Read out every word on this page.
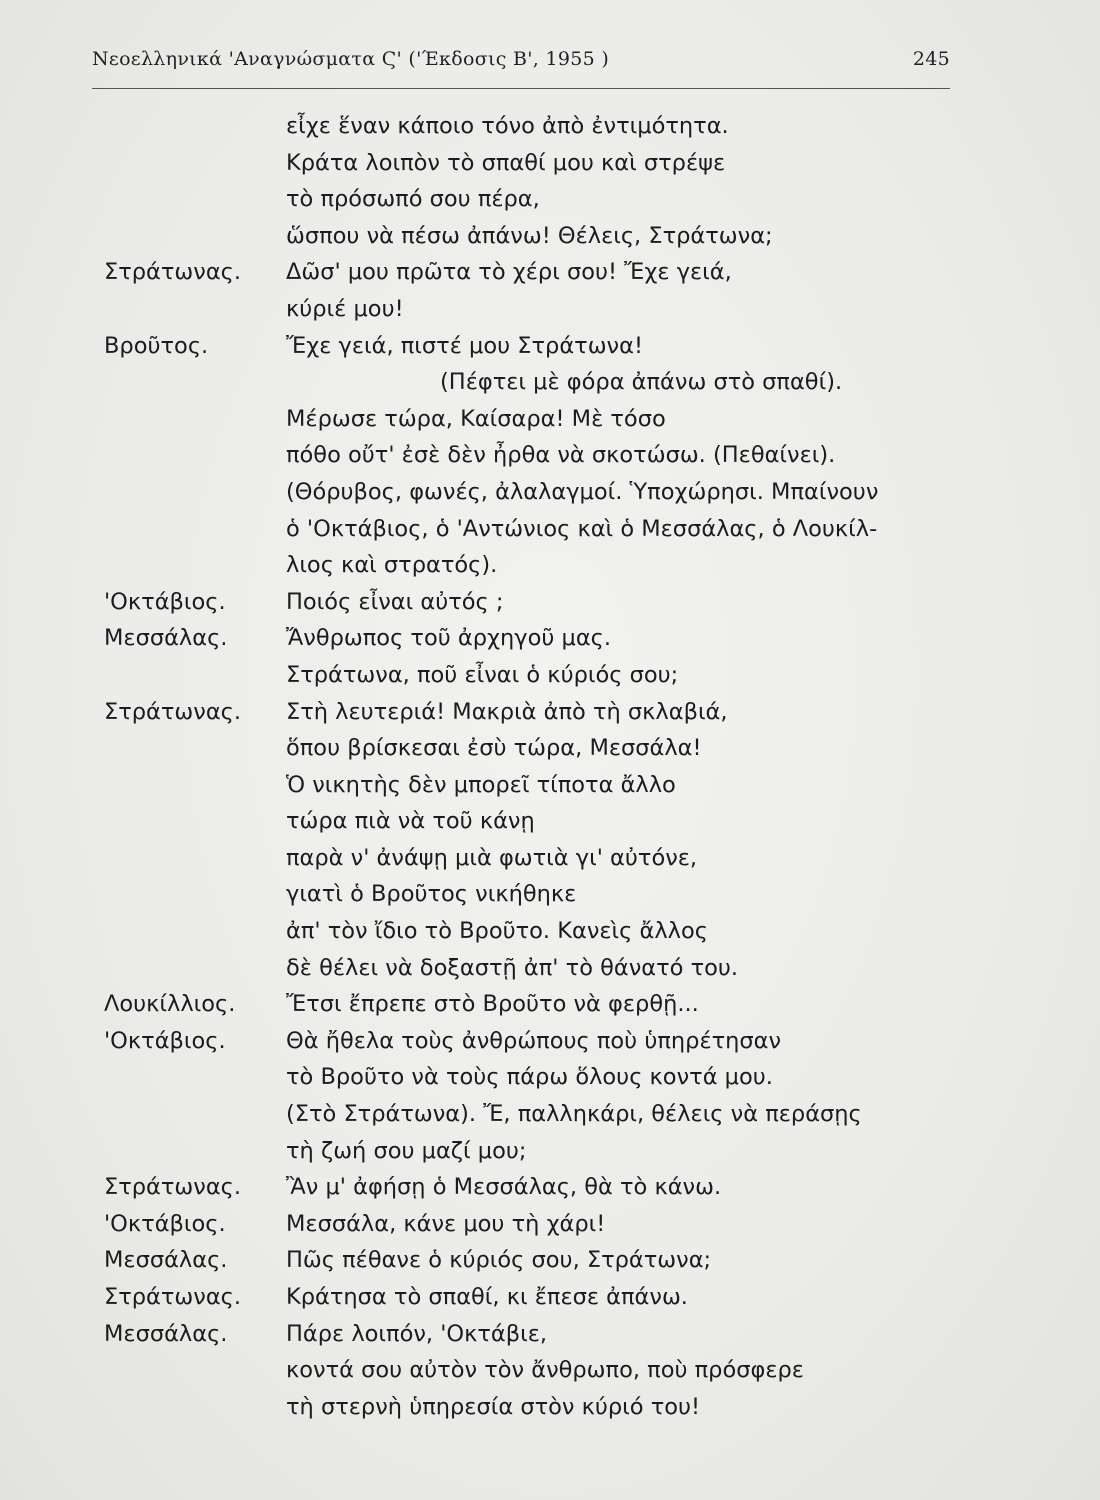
Νεοελληνικά 'Αναγνώσματα Ϛ' ('Έκδοσις Β', 1955 )	245
εἶχε ἕναν κάποιο τόνο ἀπὸ ἐντιμότητα.
Κράτα λοιπὸν τὸ σπαθί μου καὶ στρέψε
τὸ πρόσωπό σου πέρα,
ὥσπου νὰ πέσω ἀπάνω! Θέλεις, Στράτωνα;
Στράτωνας. Δῶσ' μου πρῶτα τὸ χέρι σου! Ἔχε γειά,
κύριέ μου!
Βροῦτος.	Ἔχε γειά, πιστέ μου Στράτωνα!
(Πέφτει μὲ φόρα ἀπάνω στὸ σπαθί).
Μέρωσε τώρα, Καίσαρα! Μὲ τόσο
πόθο οὔτ' ἐσὲ δὲν ἦρθα νὰ σκοτώσω. (Πεθαίνει).
(Θόρυβος, φωνές, ἀλαλαγμοί. Ὑποχώρησι. Μπαίνουν
ὁ 'Οκτάβιος, ὁ 'Αντώνιος καὶ ὁ Μεσσάλας, ὁ Λουκίλ-
λιος καὶ στρατός).
'Οκτάβιος.	Ποιός εἶναι αὐτός ;
Μεσσάλας.	Ἄνθρωπος τοῦ ἀρχηγοῦ μας.
Στράτωνα, ποῦ εἶναι ὁ κύριός σου;
Στράτωνας. Στὴ λευτεριά! Μακριὰ ἀπὸ τὴ σκλαβιά,
ὅπου βρίσκεσαι ἐσὺ τώρα, Μεσσάλα!
Ὁ νικητὴς δὲν μπορεῖ τίποτα ἄλλο
τώρα πιὰ νὰ τοῦ κάνῃ
παρὰ ν' ἀνάψῃ μιὰ φωτιὰ γι' αὐτόνε,
γιατὶ ὁ Βροῦτος νικήθηκε
ἀπ' τὸν ἴδιο τὸ Βροῦτο. Κανεὶς ἄλλος
δὲ θέλει νὰ δοξαστῇ ἀπ' τὸ θάνατό του.
Λουκίλλιος. Ἔτσι ἔπρεπε στὸ Βροῦτο νὰ φερθῇ...
'Οκτάβιος.	Θὰ ἤθελα τοὺς ἀνθρώπους ποὺ ὑπηρέτησαν
τὸ Βροῦτο νὰ τοὺς πάρω ὅλους κοντά μου.
(Στὸ Στράτωνα). Ἔ, παλληκάρι, θέλεις νὰ περάσῃς
τὴ ζωή σου μαζί μου;
Στράτωνας. Ἂν μ' ἀφήσῃ ὁ Μεσσάλας, θὰ τὸ κάνω.
'Οκτάβιος.	Μεσσάλα, κάνε μου τὴ χάρι!
Μεσσάλας.	Πῶς πέθανε ὁ κύριός σου, Στράτωνα;
Στράτωνας. Κράτησα τὸ σπαθί, κι ἔπεσε ἀπάνω.
Μεσσάλας.	Πάρε λοιπόν, 'Οκτάβιε,
κοντά σου αὐτὸν τὸν ἄνθρωπο, ποὺ πρόσφερε
τὴ στερνὴ ὑπηρεσία στὸν κύριό του!
